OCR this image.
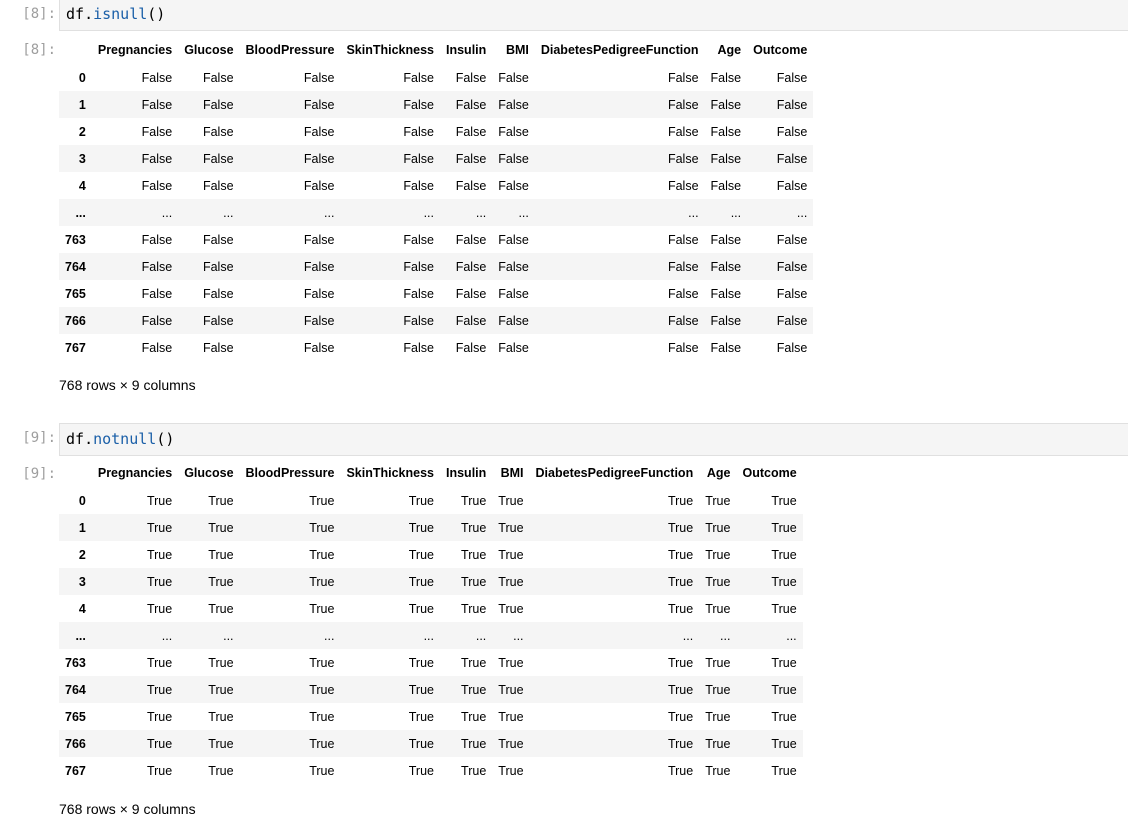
[8]: df.isnull()
[8]:
		Pregnancies	Glucose	BloodPressure	SkinThickness	Insulin	BMI	DiabetesPedigreeFunction	Age	Outcome
0	False	False	False	False	False	False	False	False	False
1	False	False	False	False	False	False	False	False	False
2	False	False	False	False	False	False	False	False	False
3	False	False	False	False	False	False	False	False	False
4	False	False	False	False	False	False	False	False	False
...	...	...	...	...	...	...	...	...	...
763	False	False	False	False	False	False	False	False	False
764	False	False	False	False	False	False	False	False	False
765	False	False	False	False	False	False	False	False	False
766	False	False	False	False	False	False	False	False	False
767	False	False	False	False	False	False	False	False	False
768 rows × 9 columns
[9]: df.notnull()
[9]:
		Pregnancies	Glucose	BloodPressure	SkinThickness	Insulin	BMI	DiabetesPedigreeFunction	Age	Outcome
0	True	True	True	True	True	True	True	True	True
1	True	True	True	True	True	True	True	True	True
2	True	True	True	True	True	True	True	True	True
3	True	True	True	True	True	True	True	True	True
4	True	True	True	True	True	True	True	True	True
...	...	...	...	...	...	...	...	...	...
763	True	True	True	True	True	True	True	True	True
764	True	True	True	True	True	True	True	True	True
765	True	True	True	True	True	True	True	True	True
766	True	True	True	True	True	True	True	True	True
767	True	True	True	True	True	True	True	True	True
768 rows × 9 columns
